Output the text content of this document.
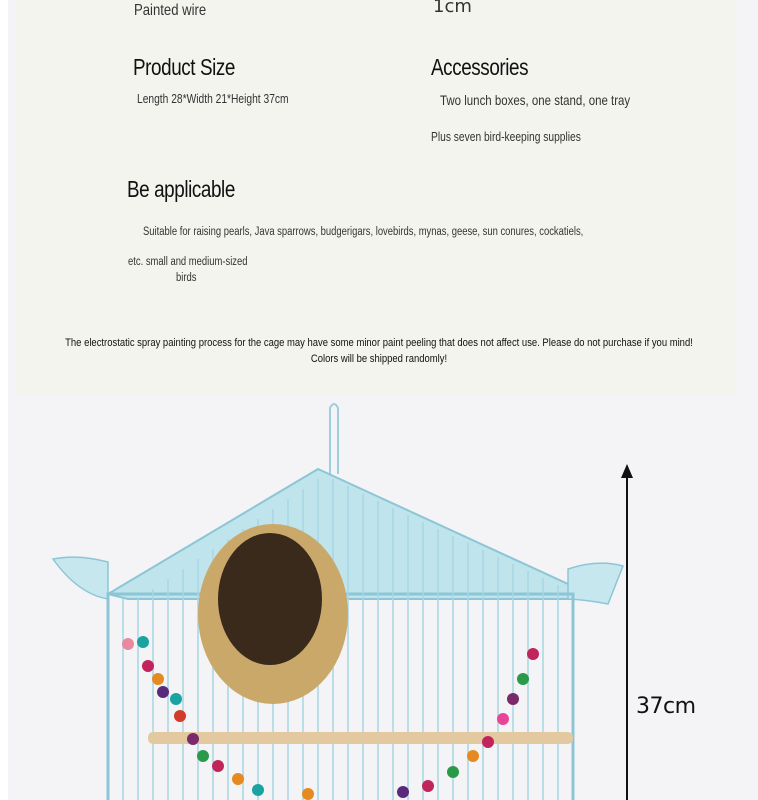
Painted wire	1cm
Product Size
Length 28*Width 21*Height 37cm
Accessories
Two lunch boxes, one stand, one tray
Plus seven bird-keeping supplies
Be applicable
Suitable for raising pearls, Java sparrows, budgerigars, lovebirds, mynas, geese, sun conures, cockatiels,
etc. small and medium-sized
birds
The electrostatic spray painting process for the cage may have some minor paint peeling that does not affect use. Please do not purchase if you mind! Colors will be shipped randomly!
37cm
